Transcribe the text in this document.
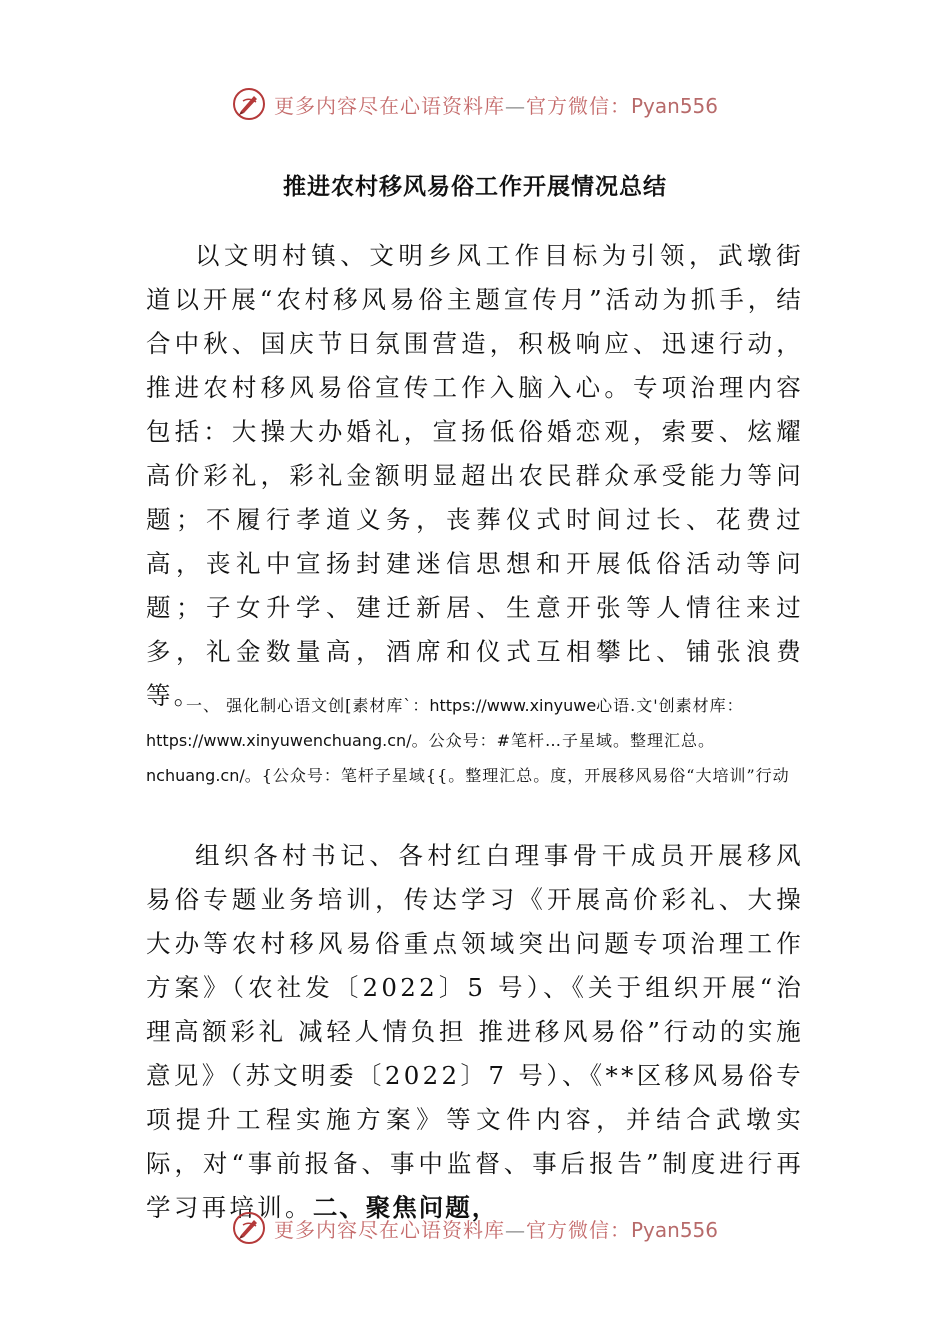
更多内容尽在心语资料库—官方微信：Pyan556
推进农村移风易俗工作开展情况总结

以文明村镇、文明乡风工作目标为引领，武墩街道以开展“农村移风易俗主题宣传月”活动为抓手，结合中秋、国庆节日氛围营造，积极响应、迅速行动，推进农村移风易俗宣传工作入脑入心。专项治理内容包括：大操大办婚礼，宣扬低俗婚恋观，索要、炫耀高价彩礼，彩礼金额明显超出农民群众承受能力等问题；不履行孝道义务，丧葬仪式时间过长、花费过高，丧礼中宣扬封建迷信思想和开展低俗活动等问题；子女升学、建迁新居、生意开张等人情往来过多，礼金数量高，酒席和仪式互相攀比、铺张浪费等。

一、 强化制心语文创[素材库`：https://www.xinyuwe心语.文'创素材库：https://www.xinyuwenchuang.cn/。公众号：#笔杆…子星域。整理汇总。nchuang.cn/。{公众号：笔杆子星域{{。整理汇总。度，开展移风易俗“大培训”行动

组织各村书记、各村红白理事骨干成员开展移风易俗专题业务培训，传达学习《开展高价彩礼、大操大办等农村移风易俗重点领域突出问题专项治理工作方案》（农社发〔2022〕5 号）、《关于组织开展“治理高额彩礼 减轻人情负担 推进移风易俗”行动的实施意见》（苏文明委〔2022〕7 号）、《**区移风易俗专项提升工程实施方案》等文件内容，并结合武墩实际，对“事前报备、事中监督、事后报告”制度进行再学习再培训。二、聚焦问题，

更多内容尽在心语资料库—官方微信：Pyan556
